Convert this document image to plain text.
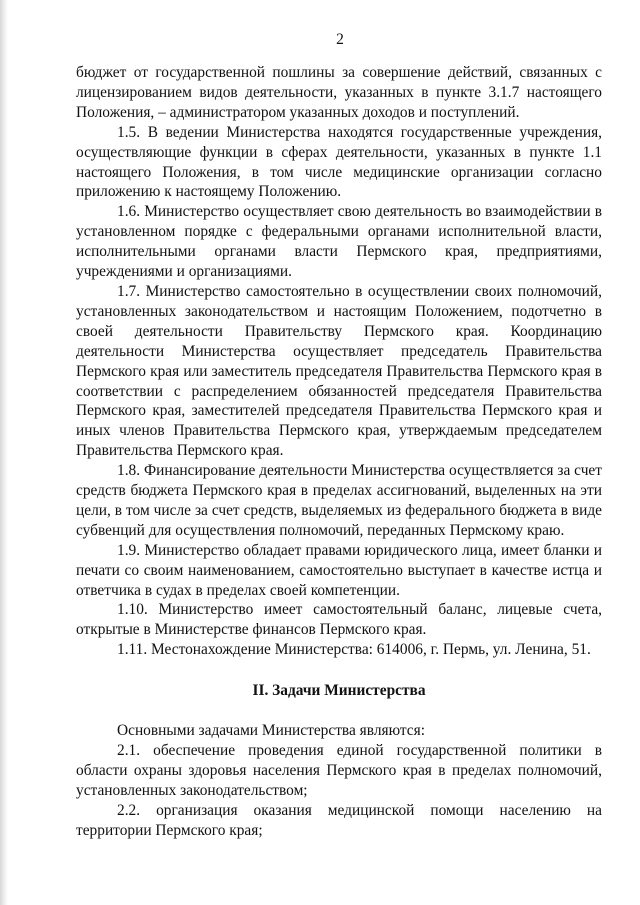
2

бюджет от государственной пошлины за совершение действий, связанных с лицензированием видов деятельности, указанных в пункте 3.1.7 настоящего Положения, – администратором указанных доходов и поступлений.

1.5. В ведении Министерства находятся государственные учреждения, осуществляющие функции в сферах деятельности, указанных в пункте 1.1 настоящего Положения, в том числе медицинские организации согласно приложению к настоящему Положению.

1.6. Министерство осуществляет свою деятельность во взаимодействии в установленном порядке с федеральными органами исполнительной власти, исполнительными органами власти Пермского края, предприятиями, учреждениями и организациями.

1.7. Министерство самостоятельно в осуществлении своих полномочий, установленных законодательством и настоящим Положением, подотчетно в своей деятельности Правительству Пермского края. Координацию деятельности Министерства осуществляет председатель Правительства Пермского края или заместитель председателя Правительства Пермского края в соответствии с распределением обязанностей председателя Правительства Пермского края, заместителей председателя Правительства Пермского края и иных членов Правительства Пермского края, утверждаемым председателем Правительства Пермского края.

1.8. Финансирование деятельности Министерства осуществляется за счет средств бюджета Пермского края в пределах ассигнований, выделенных на эти цели, в том числе за счет средств, выделяемых из федерального бюджета в виде субвенций для осуществления полномочий, переданных Пермскому краю.

1.9. Министерство обладает правами юридического лица, имеет бланки и печати со своим наименованием, самостоятельно выступает в качестве истца и ответчика в судах в пределах своей компетенции.

1.10. Министерство имеет самостоятельный баланс, лицевые счета, открытые в Министерстве финансов Пермского края.

1.11. Местонахождение Министерства: 614006, г. Пермь, ул. Ленина, 51.

II. Задачи Министерства

Основными задачами Министерства являются:

2.1. обеспечение проведения единой государственной политики в области охраны здоровья населения Пермского края в пределах полномочий, установленных законодательством;

2.2. организация оказания медицинской помощи населению на территории Пермского края;
